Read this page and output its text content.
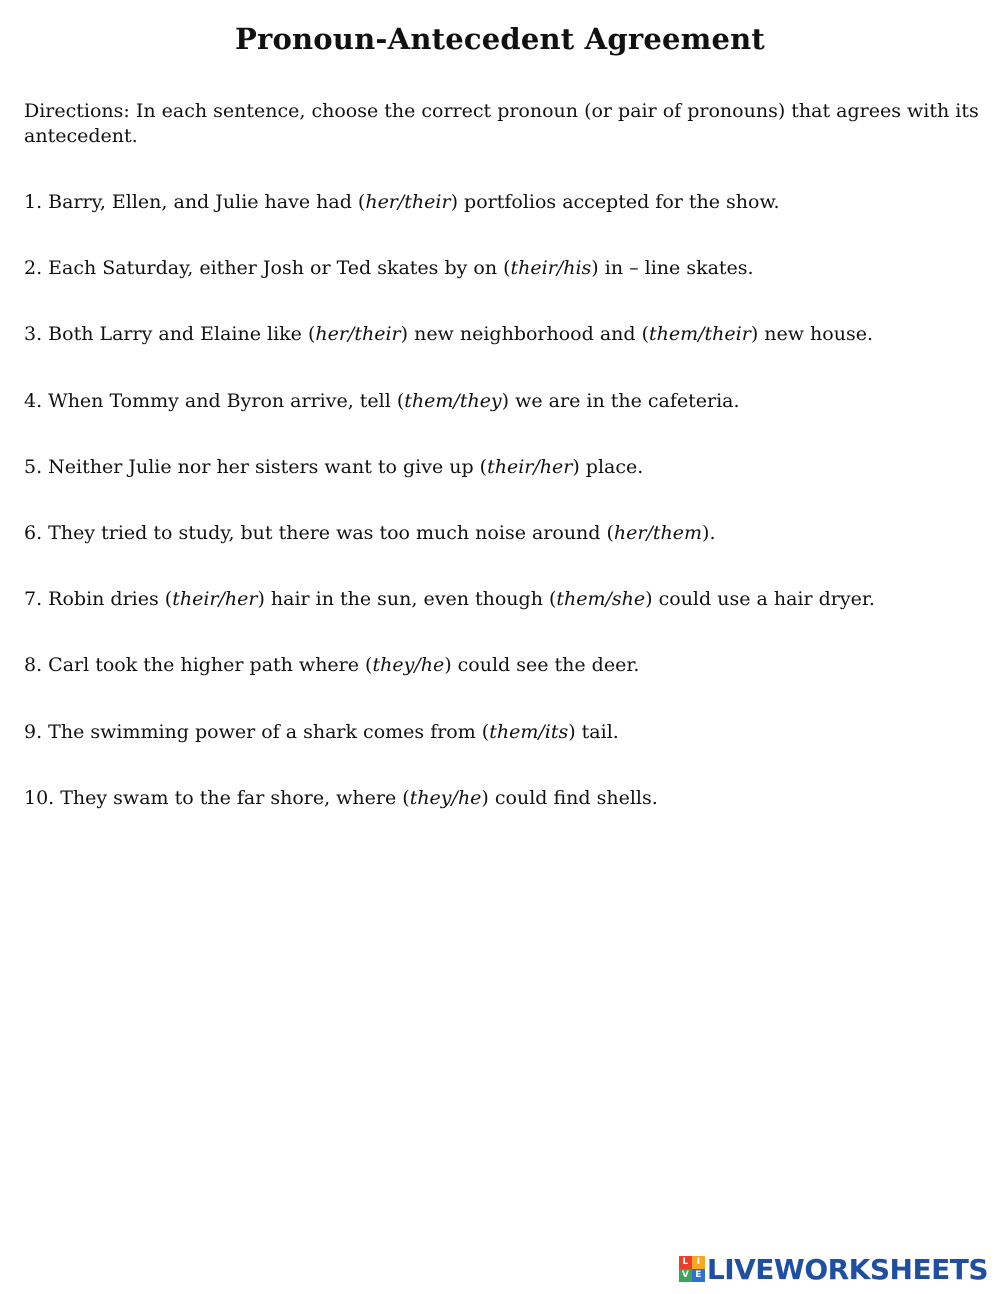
Pronoun-Antecedent Agreement

Directions: In each sentence, choose the correct pronoun (or pair of pronouns) that agrees with its antecedent.

1. Barry, Ellen, and Julie have had (her/their) portfolios accepted for the show.
2. Each Saturday, either Josh or Ted skates by on (their/his) in – line skates.
3. Both Larry and Elaine like (her/their) new neighborhood and (them/their) new house.
4. When Tommy and Byron arrive, tell (them/they) we are in the cafeteria.
5. Neither Julie nor her sisters want to give up (their/her) place.
6. They tried to study, but there was too much noise around (her/them).
7. Robin dries (their/her) hair in the sun, even though (them/she) could use a hair dryer.
8. Carl took the higher path where (they/he) could see the deer.
9. The swimming power of a shark comes from (them/its) tail.
10. They swam to the far shore, where (they/he) could find shells.
L I
V E LIVEWORKSHEETS
